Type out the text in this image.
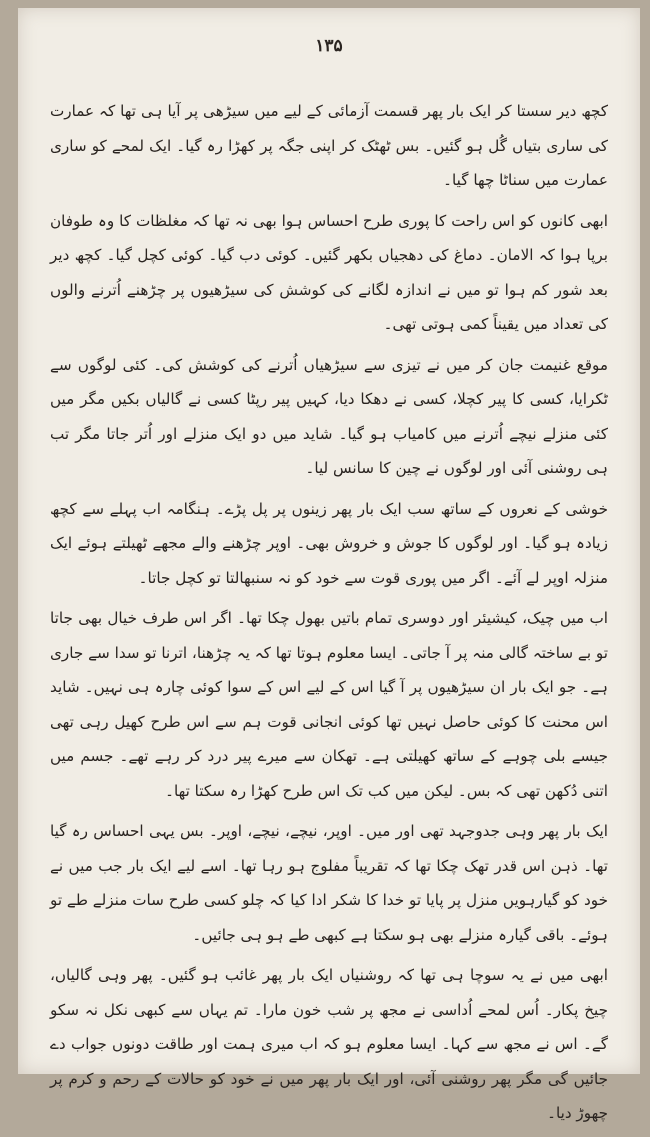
۱۳۵

کچھ دیر سستا کر ایک بار پھر قسمت آزمائی کے لیے میں سیڑھی پر آیا ہی تھا کہ عمارت کی ساری بتیاں گُل ہو گئیں۔ بس ٹھٹک کر اپنی جگہ پر کھڑا رہ گیا۔ ایک لمحے کو ساری عمارت میں سناٹا چھا گیا۔

ابھی کانوں کو اس راحت کا پوری طرح احساس ہوا بھی نہ تھا کہ مغلظات کا وہ طوفان برپا ہوا کہ الامان۔ دماغ کی دھجیاں بکھر گئیں۔ کوئی دب گیا۔ کوئی کچل گیا۔ کچھ دیر بعد شور کم ہوا تو میں نے اندازہ لگانے کی کوشش کی سیڑھیوں پر چڑھنے اُترنے والوں کی تعداد میں یقیناً کمی ہوتی تھی۔

موقع غنیمت جان کر میں نے تیزی سے سیڑھیاں اُترنے کی کوشش کی۔ کئی لوگوں سے ٹکرایا، کسی کا پیر کچلا، کسی نے دھکا دیا، کہیں پیر رپٹا کسی نے گالیاں بکیں مگر میں کئی منزلے نیچے اُترنے میں کامیاب ہو گیا۔ شاید میں دو ایک منزلے اور اُتر جاتا مگر تب ہی روشنی آئی اور لوگوں نے چین کا سانس لیا۔

خوشی کے نعروں کے ساتھ سب ایک بار پھر زینوں پر پل پڑے۔ ہنگامہ اب پہلے سے کچھ زیادہ ہو گیا۔ اور لوگوں کا جوش و خروش بھی۔ اوپر چڑھنے والے مجھے ٹھیلتے ہوئے ایک منزلہ اوپر لے آئے۔ اگر میں پوری قوت سے خود کو نہ سنبھالتا تو کچل جاتا۔

اب میں چیک، کیشیئر اور دوسری تمام باتیں بھول چکا تھا۔ اگر اس طرف خیال بھی جاتا تو بے ساختہ گالی منہ پر آ جاتی۔ ایسا معلوم ہوتا تھا کہ یہ چڑھنا، اترنا تو سدا سے جاری ہے۔ جو ایک بار ان سیڑھیوں پر آ گیا اس کے لیے اس کے سوا کوئی چارہ ہی نہیں۔ شاید اس محنت کا کوئی حاصل نہیں تھا کوئی انجانی قوت ہم سے اس طرح کھیل رہی تھی جیسے بلی چوہے کے ساتھ کھیلتی ہے۔ تھکان سے میرے پیر درد کر رہے تھے۔ جسم میں اتنی دُکھن تھی کہ بس۔ لیکن میں کب تک اس طرح کھڑا رہ سکتا تھا۔

ایک بار پھر وہی جدوجہد تھی اور میں۔ اوپر، نیچے، نیچے، اوپر۔ بس یہی احساس رہ گیا تھا۔ ذہن اس قدر تھک چکا تھا کہ تقریباً مفلوج ہو رہا تھا۔ اسے لیے ایک بار جب میں نے خود کو گیارہویں منزل پر پایا تو خدا کا شکر ادا کیا کہ چلو کسی طرح سات منزلے طے تو ہوئے۔ باقی گیارہ منزلے بھی ہو سکتا ہے کبھی طے ہو ہی جائیں۔

ابھی میں نے یہ سوچا ہی تھا کہ روشنیاں ایک بار پھر غائب ہو گئیں۔ پھر وہی گالیاں، چیخ پکار۔ اُس لمحے اُداسی نے مجھ پر شب خون مارا۔ تم یہاں سے کبھی نکل نہ سکو گے۔ اس نے مجھ سے کہا۔ ایسا معلوم ہو کہ اب میری ہمت اور طاقت دونوں جواب دے جائیں گی مگر پھر روشنی آئی، اور ایک بار پھر میں نے خود کو حالات کے رحم و کرم پر چھوڑ دیا۔
